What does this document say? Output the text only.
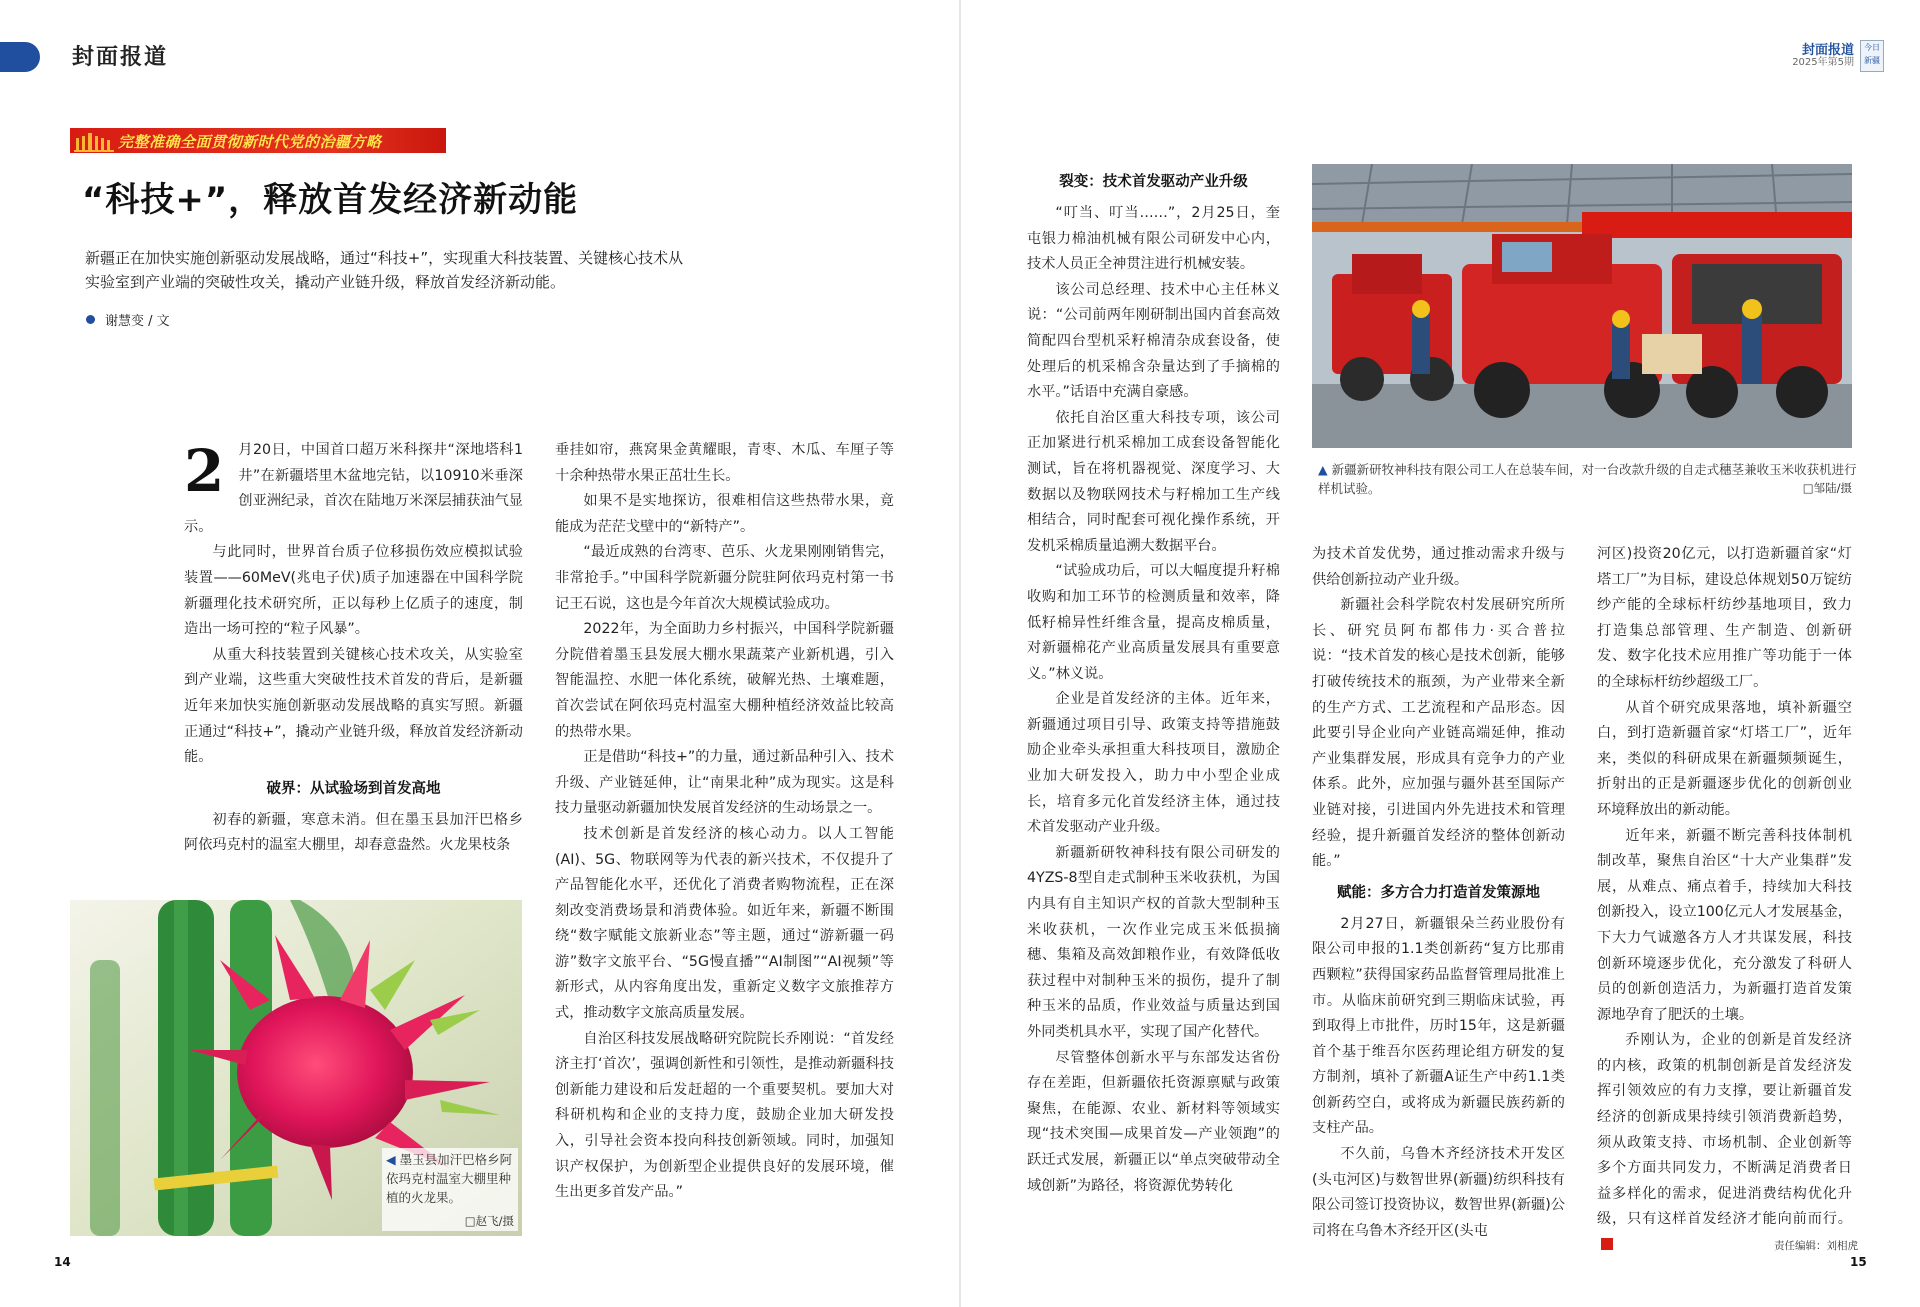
封面报道	封面报道
2025年第5期
今日新疆
完整准确全面贯彻新时代党的治疆方略
“科技+”，释放首发经济新动能
新疆正在加快实施创新驱动发展战略，通过“科技+”，实现重大科技装置、关键核心技术从实验室到产业端的突破性攻关，撬动产业链升级，释放首发经济新动能。
谢慧变 / 文

2 月20日，中国首口超万米科探井“深地塔科1井”在新疆塔里木盆地完钻，以10910米垂深创亚洲纪录，首次在陆地万米深层捕获油气显示。

与此同时，世界首台质子位移损伤效应模拟试验装置——60MeV(兆电子伏)质子加速器在中国科学院新疆理化技术研究所，正以每秒上亿质子的速度，制造出一场可控的“粒子风暴”。

从重大科技装置到关键核心技术攻关，从实验室到产业端，这些重大突破性技术首发的背后，是新疆近年来加快实施创新驱动发展战略的真实写照。新疆正通过“科技+”，撬动产业链升级，释放首发经济新动能。

破界：从试验场到首发高地

初春的新疆，寒意未消。但在墨玉县加汗巴格乡阿依玛克村的温室大棚里，却春意盎然。火龙果枝条

◀ 墨玉县加汗巴格乡阿依玛克村温室大棚里种植的火龙果。
□赵飞/摄

垂挂如帘，燕窝果金黄耀眼，青枣、木瓜、车厘子等十余种热带水果正茁壮生长。

如果不是实地探访，很难相信这些热带水果，竟能成为茫茫戈壁中的“新特产”。

“最近成熟的台湾枣、芭乐、火龙果刚刚销售完，非常抢手。”中国科学院新疆分院驻阿依玛克村第一书记王石说，这也是今年首次大规模试验成功。

2022年，为全面助力乡村振兴，中国科学院新疆分院借着墨玉县发展大棚水果蔬菜产业新机遇，引入智能温控、水肥一体化系统，破解光热、土壤难题，首次尝试在阿依玛克村温室大棚种植经济效益比较高的热带水果。

正是借助“科技+”的力量，通过新品种引入、技术升级、产业链延伸，让“南果北种”成为现实。这是科技力量驱动新疆加快发展首发经济的生动场景之一。

技术创新是首发经济的核心动力。以人工智能(AI)、5G、物联网等为代表的新兴技术，不仅提升了产品智能化水平，还优化了消费者购物流程，正在深刻改变消费场景和消费体验。如近年来，新疆不断围绕“数字赋能文旅新业态”等主题，通过“游新疆一码游”数字文旅平台、“5G慢直播”“AI制图”“AI视频”等新形式，从内容角度出发，重新定义数字文旅推荐方式，推动数字文旅高质量发展。

自治区科技发展战略研究院院长乔刚说：“首发经济主打‘首次’，强调创新性和引领性，是推动新疆科技创新能力建设和后发赶超的一个重要契机。要加大对科研机构和企业的支持力度，鼓励企业加大研发投入，引导社会资本投向科技创新领域。同时，加强知识产权保护，为创新型企业提供良好的发展环境，催生出更多首发产品。”

裂变：技术首发驱动产业升级

“叮当、叮当……”，2月25日，奎屯银力棉油机械有限公司研发中心内，技术人员正全神贯注进行机械安装。

该公司总经理、技术中心主任林义说：“公司前两年刚研制出国内首套高效简配四台型机采籽棉清杂成套设备，使处理后的机采棉含杂量达到了手摘棉的水平。”话语中充满自豪感。

依托自治区重大科技专项，该公司正加紧进行机采棉加工成套设备智能化测试，旨在将机器视觉、深度学习、大数据以及物联网技术与籽棉加工生产线相结合，同时配套可视化操作系统，开发机采棉质量追溯大数据平台。

“试验成功后，可以大幅度提升籽棉收购和加工环节的检测质量和效率，降低籽棉异性纤维含量，提高皮棉质量，对新疆棉花产业高质量发展具有重要意义。”林义说。

企业是首发经济的主体。近年来，新疆通过项目引导、政策支持等措施鼓励企业牵头承担重大科技项目，激励企业加大研发投入，助力中小型企业成长，培育多元化首发经济主体，通过技术首发驱动产业升级。

新疆新研牧神科技有限公司研发的4YZS-8型自走式制种玉米收获机，为国内具有自主知识产权的首款大型制种玉米收获机，一次作业完成玉米低损摘穗、集箱及高效卸粮作业，有效降低收获过程中对制种玉米的损伤，提升了制种玉米的品质，作业效益与质量达到国外同类机具水平，实现了国产化替代。

尽管整体创新水平与东部发达省份存在差距，但新疆依托资源禀赋与政策聚焦，在能源、农业、新材料等领域实现“技术突围—成果首发—产业领跑”的跃迁式发展，新疆正以“单点突破带动全域创新”为路径，将资源优势转化

▲ 新疆新研牧神科技有限公司工人在总装车间，对一台改款升级的自走式穗茎兼收玉米收获机进行样机试验。	□邹陆/摄

为技术首发优势，通过推动需求升级与供给创新拉动产业升级。

新疆社会科学院农村发展研究所所长、研究员阿布都伟力·买合普拉说：“技术首发的核心是技术创新，能够打破传统技术的瓶颈，为产业带来全新的生产方式、工艺流程和产品形态。因此要引导企业向产业链高端延伸，推动产业集群发展，形成具有竞争力的产业体系。此外，应加强与疆外甚至国际产业链对接，引进国内外先进技术和管理经验，提升新疆首发经济的整体创新动能。”

赋能：多方合力打造首发策源地

2月27日，新疆银朵兰药业股份有限公司申报的1.1类创新药“复方比那甫西颗粒”获得国家药品监督管理局批准上市。从临床前研究到三期临床试验，再到取得上市批件，历时15年，这是新疆首个基于维吾尔医药理论组方研发的复方制剂，填补了新疆A证生产中药1.1类创新药空白，或将成为新疆民族药新的支柱产品。

不久前，乌鲁木齐经济技术开发区(头屯河区)与数智世界(新疆)纺织科技有限公司签订投资协议，数智世界(新疆)公司将在乌鲁木齐经开区(头屯

河区)投资20亿元，以打造新疆首家“灯塔工厂”为目标，建设总体规划50万锭纺纱产能的全球标杆纺纱基地项目，致力打造集总部管理、生产制造、创新研发、数字化技术应用推广等功能于一体的全球标杆纺纱超级工厂。

从首个研究成果落地，填补新疆空白，到打造新疆首家“灯塔工厂”，近年来，类似的科研成果在新疆频频诞生，折射出的正是新疆逐步优化的创新创业环境释放出的新动能。

近年来，新疆不断完善科技体制机制改革，聚焦自治区“十大产业集群”发展，从难点、痛点着手，持续加大科技创新投入，设立100亿元人才发展基金，下大力气诚邀各方人才共谋发展，科技创新环境逐步优化，充分激发了科研人员的创新创造活力，为新疆打造首发策源地孕育了肥沃的土壤。

乔刚认为，企业的创新是首发经济的内核，政策的机制创新是首发经济发挥引领效应的有力支撑，要让新疆首发经济的创新成果持续引领消费新趋势，须从政策支持、市场机制、企业创新等多个方面共同发力，不断满足消费者日益多样化的需求，促进消费结构优化升级，只有这样首发经济才能向前而行。

14
责任编辑：刘相虎
15
